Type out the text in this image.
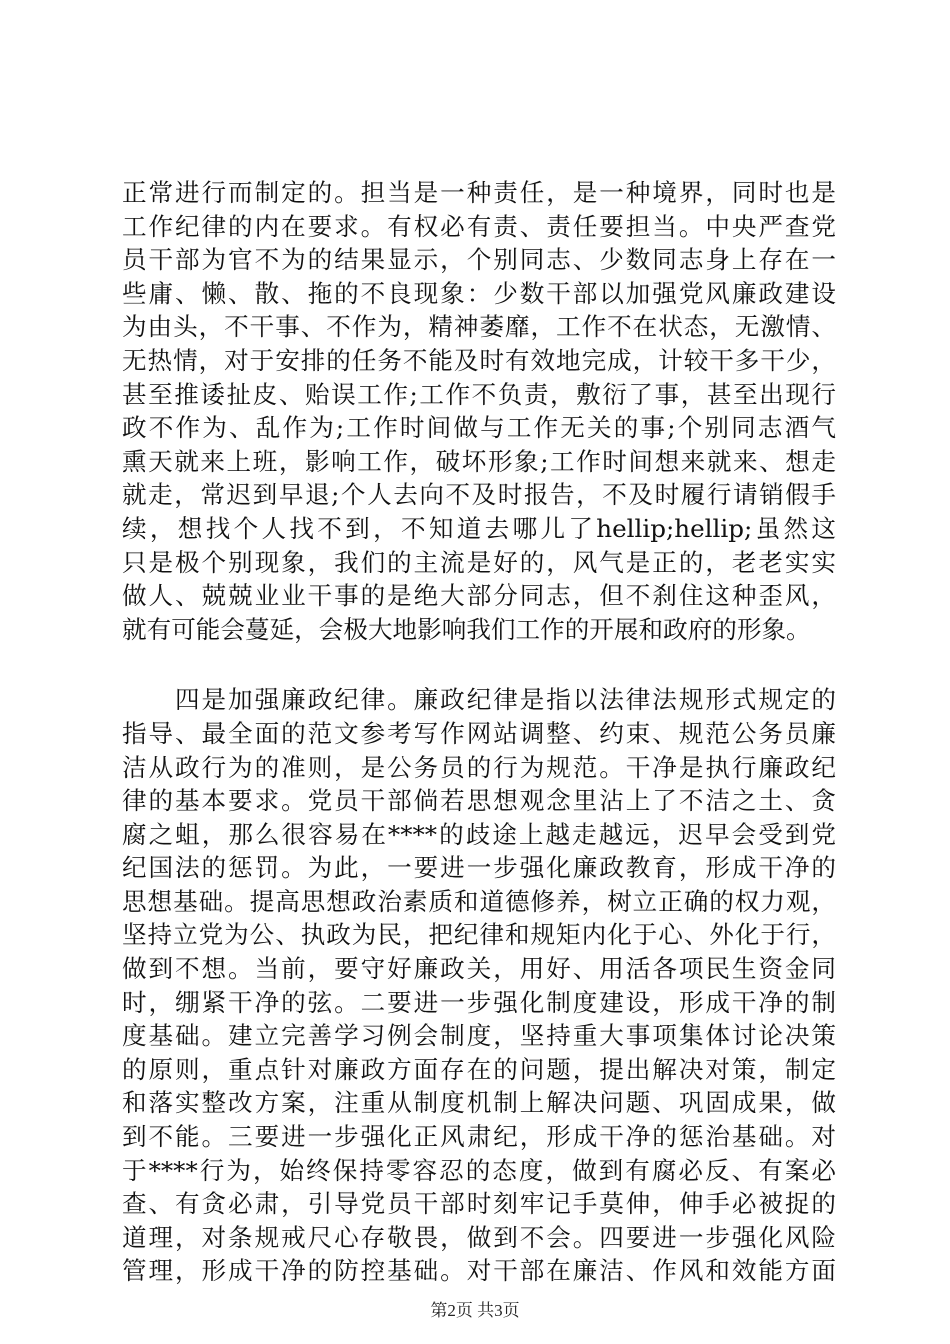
正常进行而制定的。担当是一种责任，是一种境界，同时也是
工作纪律的内在要求。有权必有责、责任要担当。中央严查党
员干部为官不为的结果显示，个别同志、少数同志身上存在一
些庸、懒、散、拖的不良现象：少数干部以加强党风廉政建设
为由头，不干事、不作为，精神萎靡，工作不在状态，无激情、
无热情，对于安排的任务不能及时有效地完成，计较干多干少，
甚至推诿扯皮、贻误工作;工作不负责，敷衍了事，甚至出现行
政不作为、乱作为;工作时间做与工作无关的事;个别同志酒气
熏天就来上班，影响工作，破坏形象;工作时间想来就来、想走
就走，常迟到早退;个人去向不及时报告，不及时履行请销假手
续，想找个人找不到，不知道去哪儿了hellip;hellip;虽然这
只是极个别现象，我们的主流是好的，风气是正的，老老实实
做人、兢兢业业干事的是绝大部分同志，但不刹住这种歪风，
就有可能会蔓延，会极大地影响我们工作的开展和政府的形象。
　　四是加强廉政纪律。廉政纪律是指以法律法规形式规定的
指导、最全面的范文参考写作网站调整、约束、规范公务员廉
洁从政行为的准则，是公务员的行为规范。干净是执行廉政纪
律的基本要求。党员干部倘若思想观念里沾上了不洁之土、贪
腐之蛆，那么很容易在****的歧途上越走越远，迟早会受到党
纪国法的惩罚。为此，一要进一步强化廉政教育，形成干净的
思想基础。提高思想政治素质和道德修养，树立正确的权力观，
坚持立党为公、执政为民，把纪律和规矩内化于心、外化于行，
做到不想。当前，要守好廉政关，用好、用活各项民生资金同
时，绷紧干净的弦。二要进一步强化制度建设，形成干净的制
度基础。建立完善学习例会制度，坚持重大事项集体讨论决策
的原则，重点针对廉政方面存在的问题，提出解决对策，制定
和落实整改方案，注重从制度机制上解决问题、巩固成果，做
到不能。三要进一步强化正风肃纪，形成干净的惩治基础。对
于****行为，始终保持零容忍的态度，做到有腐必反、有案必
查、有贪必肃，引导党员干部时刻牢记手莫伸，伸手必被捉的
道理，对条规戒尺心存敬畏，做到不会。四要进一步强化风险
管理，形成干净的防控基础。对干部在廉洁、作风和效能方面
第2页 共3页
